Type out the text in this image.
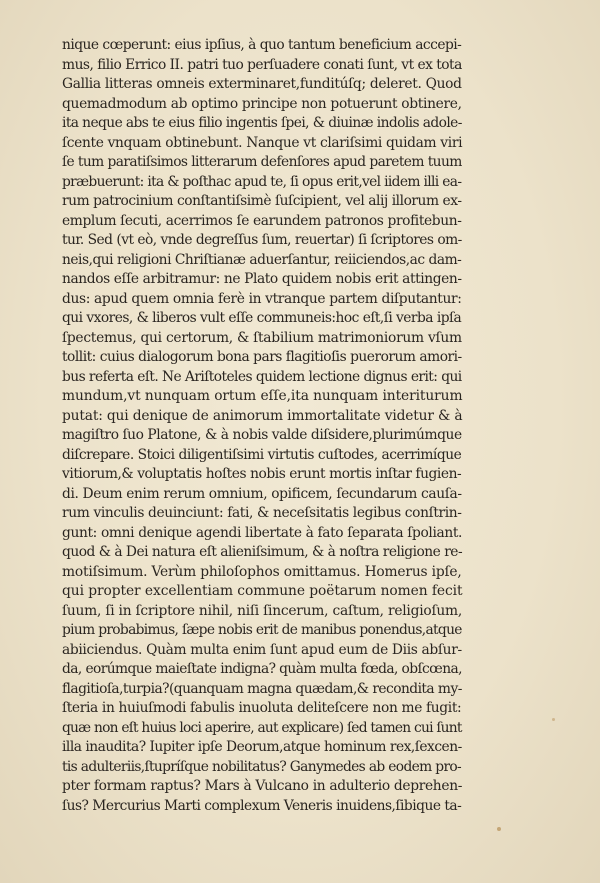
nique cœperunt: eius ipſius, à quo tantum beneficium accepi-
mus, filio Errico II. patri tuo perſuadere conati ſunt, vt ex tota
Gallia litteras omneis exterminaret,funditúſq; deleret. Quod
quemadmodum ab optimo principe non potuerunt obtinere,
ita neque abs te eius filio ingentis ſpei, & diuinæ indolis adole-
ſcente vnquam obtinebunt. Nanque vt clariſsimi quidam viri
ſe tum paratiſsimos litterarum defenſores apud paretem tuum
præbuerunt: ita & poſthac apud te, ſi opus erit,vel iidem illi ea-
rum patrocinium conſtantiſsimè ſuſcipient, vel alij illorum ex-
emplum ſecuti, acerrimos ſe earundem patronos profitebun-
tur. Sed (vt eò, vnde degreſſus ſum, reuertar) ſi ſcriptores om-
neis,qui religioni Chriſtianæ aduerſantur, reiiciendos,ac dam-
nandos eſſe arbitramur: ne Plato quidem nobis erit attingen-
dus: apud quem omnia ferè in vtranque partem diſputantur:
qui vxores, & liberos vult eſſe communeis:hoc eſt,ſi verba ipſa
ſpectemus, qui certorum, & ſtabilium matrimoniorum vſum
tollit: cuius dialogorum bona pars flagitioſis puerorum amori-
bus referta eſt. Ne Ariſtoteles quidem lectione dignus erit: qui
mundum,vt nunquam ortum eſſe,ita nunquam interiturum
putat: qui denique de animorum immortalitate videtur & à
magiſtro ſuo Platone, & à nobis valde diſsidere,plurimúmque
diſcrepare. Stoici diligentiſsimi virtutis cuſtodes, acerrimíque
vitiorum,& voluptatis hoſtes nobis erunt mortis inſtar fugien-
di. Deum enim rerum omnium, opificem, ſecundarum cauſa-
rum vinculis deuinciunt: fati, & neceſsitatis legibus conſtrin-
gunt: omni denique agendi libertate à fato ſeparata ſpoliant.
quod & à Dei natura eſt alieniſsimum, & à noſtra religione re-
motiſsimum. Verùm philoſophos omittamus. Homerus ipſe,
qui propter excellentiam commune poëtarum nomen fecit
ſuum, ſi in ſcriptore nihil, niſi ſincerum, caſtum, religioſum,
pium probabimus, ſæpe nobis erit de manibus ponendus,atque
abiiciendus. Quàm multa enim ſunt apud eum de Diis abſur-
da, eorúmque maieſtate indigna? quàm multa fœda, obſcœna,
flagitioſa,turpia?(quanquam magna quædam,& recondita my-
ſteria in huiuſmodi fabulis inuoluta deliteſcere non me fugit:
quæ non eſt huius loci aperire, aut explicare) ſed tamen cui ſunt
illa inaudita? Iupiter ipſe Deorum,atque hominum rex,ſexcen-
tis adulteriis,ſtupríſque nobilitatus? Ganymedes ab eodem pro-
pter formam raptus? Mars à Vulcano in adulterio deprehen-
ſus? Mercurius Marti complexum Veneris inuidens,ſibique ta-
